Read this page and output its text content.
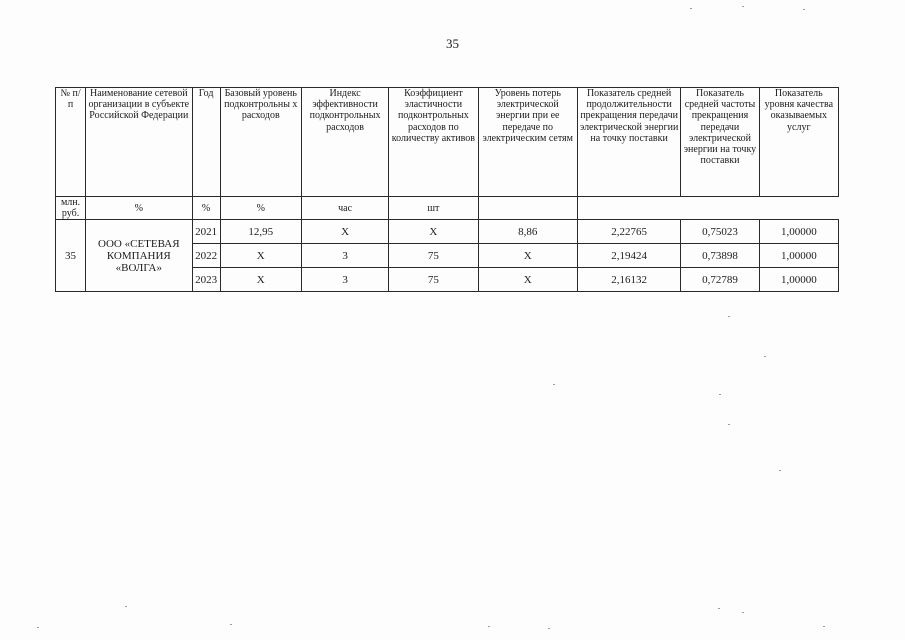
35
№ п/п	Наименование сетевой организации в субъекте Российской Федерации	Год	Базовый уровень подконтрольны х расходов	Индекс эффективности подконтрольных расходов	Коэффициент эластичности подконтрольных расходов по количеству активов	Уровень потерь электрической энергии при ее передаче по электрическим сетям	Показатель средней продолжительности прекращения передачи электрической энергии на точку поставки	Показатель средней частоты прекращения передачи электрической энергии на точку поставки	Показатель уровня качества оказываемых услуг
млн. руб.	%	%	%	час	шт				
35	ООО «СЕТЕВАЯ КОМПАНИЯ «ВОЛГА»	2021	12,95	X	X	8,86	2,22765	0,75023	1,00000
		2022	X	3	75	X	2,19424	0,73898	1,00000
		2023	X	3	75	X	2,16132	0,72789	1,00000
